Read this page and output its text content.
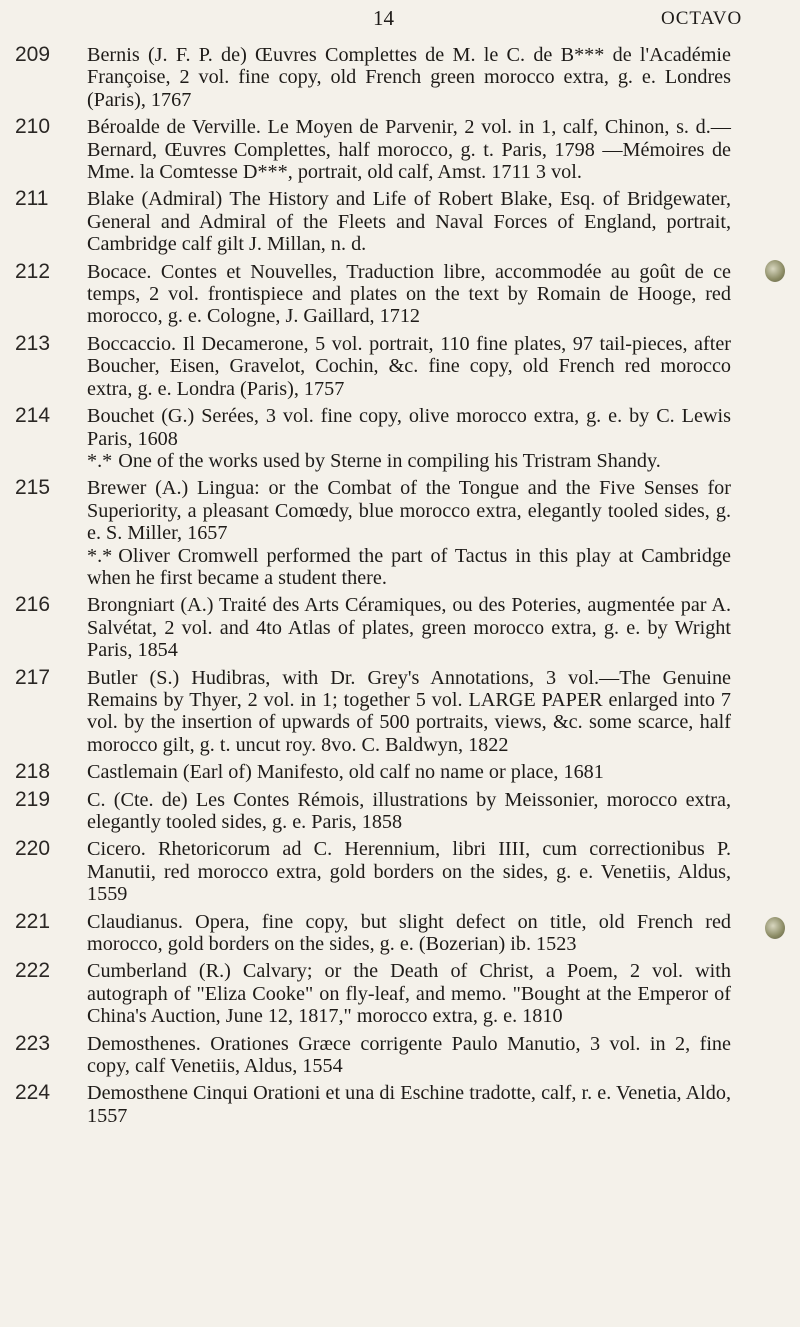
14	OCTAVO
209	Bernis (J. F. P. de) Œuvres Complettes de M. le C. de B*** de l'Académie Françoise, 2 vol. fine copy, old French green morocco extra, g. e. Londres (Paris), 1767
210	Béroalde de Verville. Le Moyen de Parvenir, 2 vol. in 1, calf, Chinon, s. d.—Bernard, Œuvres Complettes, half morocco, g. t. Paris, 1798 —Mémoires de Mme. la Comtesse D***, portrait, old calf, Amst. 1711 3 vol.
211	Blake (Admiral) The History and Life of Robert Blake, Esq. of Bridgewater, General and Admiral of the Fleets and Naval Forces of England, portrait, Cambridge calf gilt J. Millan, n. d.
212	Bocace. Contes et Nouvelles, Traduction libre, accommodée au goût de ce temps, 2 vol. frontispiece and plates on the text by Romain de Hooge, red morocco, g. e. Cologne, J. Gaillard, 1712
213	Boccaccio. Il Decamerone, 5 vol. portrait, 110 fine plates, 97 tail-pieces, after Boucher, Eisen, Gravelot, Cochin, &c. fine copy, old French red morocco extra, g. e. Londra (Paris), 1757
214	Bouchet (G.) Serées, 3 vol. fine copy, olive morocco extra, g. e. by C. Lewis Paris, 1608
*.* One of the works used by Sterne in compiling his Tristram Shandy.
215	Brewer (A.) Lingua: or the Combat of the Tongue and the Five Senses for Superiority, a pleasant Comœdy, blue morocco extra, elegantly tooled sides, g. e. S. Miller, 1657
*.* Oliver Cromwell performed the part of Tactus in this play at Cambridge when he first became a student there.
216	Brongniart (A.) Traité des Arts Céramiques, ou des Poteries, augmentée par A. Salvétat, 2 vol. and 4to Atlas of plates, green morocco extra, g. e. by Wright Paris, 1854
217	Butler (S.) Hudibras, with Dr. Grey's Annotations, 3 vol.—The Genuine Remains by Thyer, 2 vol. in 1; together 5 vol. LARGE PAPER enlarged into 7 vol. by the insertion of upwards of 500 portraits, views, &c. some scarce, half morocco gilt, g. t. uncut roy. 8vo. C. Baldwyn, 1822
218	Castlemain (Earl of) Manifesto, old calf no name or place, 1681
219	C. (Cte. de) Les Contes Rémois, illustrations by Meissonier, morocco extra, elegantly tooled sides, g. e. Paris, 1858
220	Cicero. Rhetoricorum ad C. Herennium, libri IIII, cum correctionibus P. Manutii, red morocco extra, gold borders on the sides, g. e. Venetiis, Aldus, 1559
221	Claudianus. Opera, fine copy, but slight defect on title, old French red morocco, gold borders on the sides, g. e. (Bozerian) ib. 1523
222	Cumberland (R.) Calvary; or the Death of Christ, a Poem, 2 vol. with autograph of "Eliza Cooke" on fly-leaf, and memo. "Bought at the Emperor of China's Auction, June 12, 1817," morocco extra, g. e. 1810
223	Demosthenes. Orationes Græce corrigente Paulo Manutio, 3 vol. in 2, fine copy, calf Venetiis, Aldus, 1554
224	Demosthene Cinqui Orationi et una di Eschine tradotte, calf, r. e. Venetia, Aldo, 1557
